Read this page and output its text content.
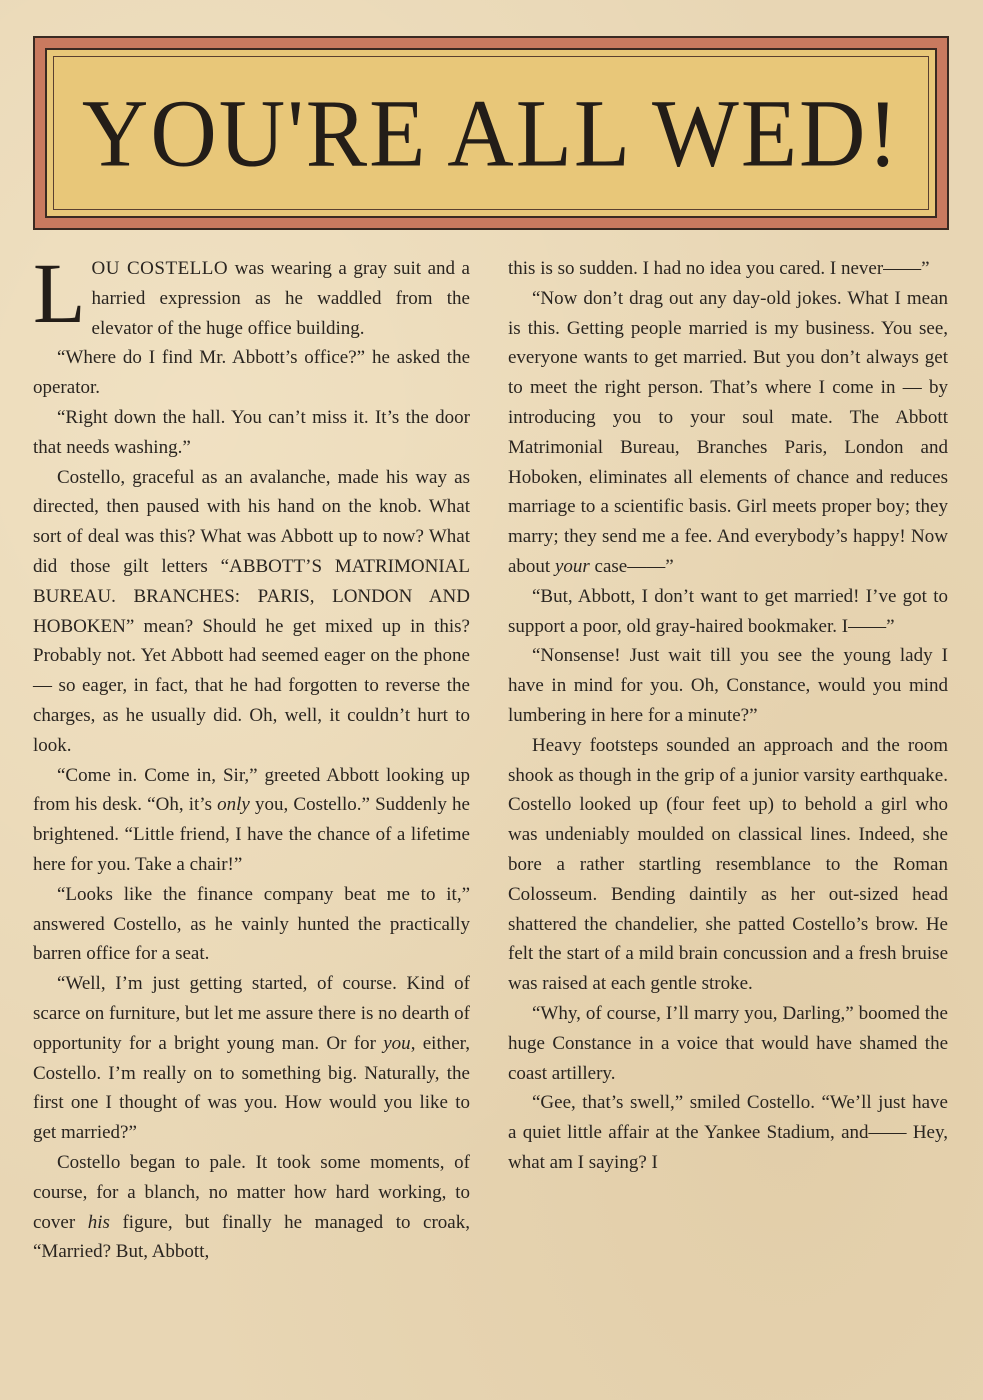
YOU'RE ALL WED!

LOU COSTELLO was wearing a gray suit and a harried expression as he waddled from the elevator of the huge office building.

“Where do I find Mr. Abbott’s office?” he asked the operator.

“Right down the hall. You can’t miss it. It’s the door that needs washing.”

Costello, graceful as an avalanche, made his way as directed, then paused with his hand on the knob. What sort of deal was this? What was Abbott up to now? What did those gilt letters “ABBOTT’S MATRIMONIAL BUREAU. BRANCHES: PARIS, LONDON AND HOBOKEN” mean? Should he get mixed up in this? Probably not. Yet Abbott had seemed eager on the phone — so eager, in fact, that he had forgotten to reverse the charges, as he usually did. Oh, well, it couldn’t hurt to look.

“Come in. Come in, Sir,” greeted Abbott looking up from his desk. “Oh, it’s only you, Costello.” Suddenly he brightened. “Little friend, I have the chance of a lifetime here for you. Take a chair!”

“Looks like the finance company beat me to it,” answered Costello, as he vainly hunted the practically barren office for a seat.

“Well, I’m just getting started, of course. Kind of scarce on furniture, but let me assure there is no dearth of opportunity for a bright young man. Or for you, either, Costello. I’m really on to something big. Naturally, the first one I thought of was you. How would you like to get married?”

Costello began to pale. It took some moments, of course, for a blanch, no matter how hard working, to cover his figure, but finally he managed to croak, “Married? But, Abbott,

this is so sudden. I had no idea you cared. I never——”

“Now don’t drag out any day-old jokes. What I mean is this. Getting people married is my business. You see, everyone wants to get married. But you don’t always get to meet the right person. That’s where I come in — by introducing you to your soul mate. The Abbott Matrimonial Bureau, Branches Paris, London and Hoboken, eliminates all elements of chance and reduces marriage to a scientific basis. Girl meets proper boy; they marry; they send me a fee. And everybody’s happy! Now about your case——”

“But, Abbott, I don’t want to get married! I’ve got to support a poor, old gray-haired bookmaker. I——”

“Nonsense! Just wait till you see the young lady I have in mind for you. Oh, Constance, would you mind lumbering in here for a minute?”

Heavy footsteps sounded an approach and the room shook as though in the grip of a junior varsity earthquake. Costello looked up (four feet up) to behold a girl who was undeniably moulded on classical lines. Indeed, she bore a rather startling resemblance to the Roman Colosseum. Bending daintily as her out-sized head shattered the chandelier, she patted Costello’s brow. He felt the start of a mild brain concussion and a fresh bruise was raised at each gentle stroke.

“Why, of course, I’ll marry you, Darling,” boomed the huge Constance in a voice that would have shamed the coast artillery.

“Gee, that’s swell,” smiled Costello. “We’ll just have a quiet little affair at the Yankee Stadium, and—— Hey, what am I saying? I
